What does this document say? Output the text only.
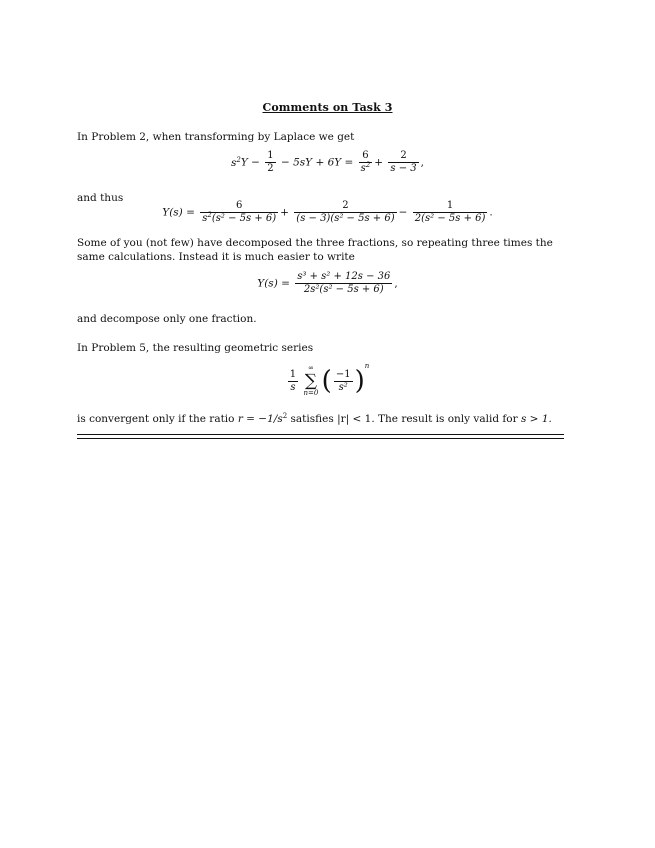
Comments on Task 3
In Problem 2, when transforming by Laplace we get
$s^2Y - \frac{1}{2} - 5sY + 6Y = \frac{6}{s^2} + \frac{2}{s - 3}$ ,
and thus
$Y(s) = \frac{6}{s^2(s^2 - 5s + 6)} + \frac{2}{\text{(s − 3)(s² − 5s + 6)}} - \frac{1}{\text{2(s² − 5s + 6)}}$ .
Some of you (not few) have decomposed the three fractions, so repeating three times the same calculations. Instead it is much easier to write
$Y(s) = \frac{\text{s³ + s² + 12s − 36}}{\text{2s²(s² − 5s + 6)}}$ ,
and decompose only one fraction.
In Problem 5, the resulting geometric series
$\frac{1}{s}$

∞
∑
n=0 ( $\frac{-1}{\text{s²}} )^n$
is convergent only if the ratio $r = -1/s^2$ satisfies |r| < 1. The result is only valid for s > 1.
